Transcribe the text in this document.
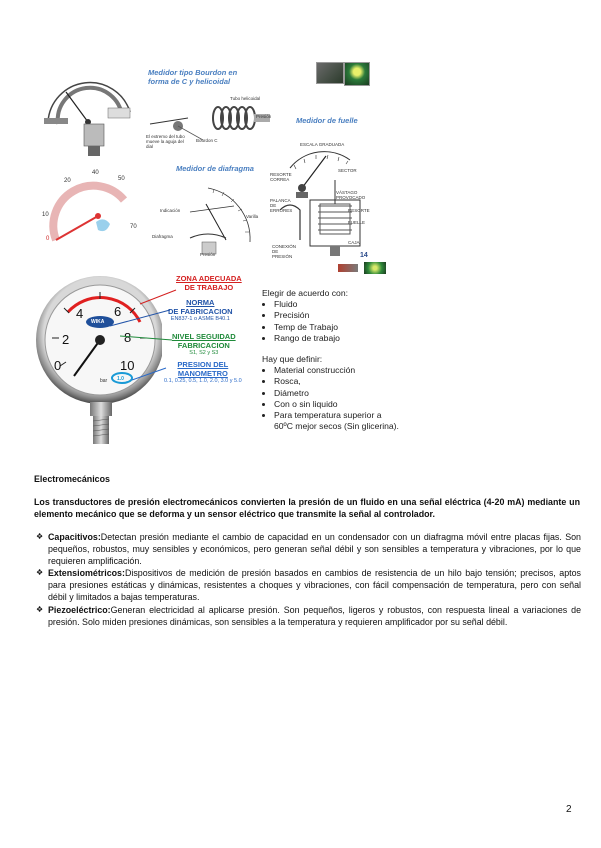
Medidor tipo Bourdon en forma de C y helicoidal
Tubo helicoidal
Presión
El extremo del tubo mueve la aguja del dial
Bourdon C
Medidor de fuelle
ESCALA GRADUADA
RESORTE CORREA
SECTOR
PALANCA DE ERRORES
VÁSTAGO PROVOCADO
RESORTE
FUELLE
CAJA
CONEXIÓN DE PRESIÓN	14
0
10
20
40
50
70
Medidor de diafragma
Indicación
Varilla
Diafragma
Presión
0
2
4 6
8
10
WIKA
bar 1.0
ZONA ADECUADA
DE TRABAJO
NORMA
DE FABRICACION
EN837-1 o ASME B40.1
NIVEL SEGUIDAD
FABRICACION
S1, S2 y S3
PRESION DEL
MANOMETRO
0.1, 0.25, 0.5, 1.0, 2.0, 3.0 y 5.0

Elegir de acuerdo con:

• Fluido
• Precisión
• Temp de Trabajo
• Rango de trabajo

Hay que definir:

• Material construcción
• Rosca,
• Diámetro
• Con o sin liquido
• Para temperatura superior a 60ºC mejor secos (Sin glicerina).
Electromecánicos
Los transductores de presión electromecánicos convierten la presión de un fluido en una señal eléctrica (4-20 mA) mediante un elemento mecánico que se deforma y un sensor eléctrico que transmite la señal al controlador.
❖ Capacitivos:Detectan presión mediante el cambio de capacidad en un condensador con un diafragma móvil entre placas fijas. Son pequeños, robustos, muy sensibles y económicos, pero generan señal débil y son sensibles a temperatura y vibraciones, por lo que requieren amplificación.
❖ Extensiométricos:Dispositivos de medición de presión basados en cambios de resistencia de un hilo bajo tensión; precisos, aptos para presiones estáticas y dinámicas, resistentes a choques y vibraciones, con fácil compensación de temperatura, pero con señal débil y limitados a bajas temperaturas.
❖ Piezoeléctrico:Generan electricidad al aplicarse presión. Son pequeños, ligeros y robustos, con respuesta lineal a variaciones de presión. Solo miden presiones dinámicas, son sensibles a la temperatura y requieren amplificador por su señal débil.
2
